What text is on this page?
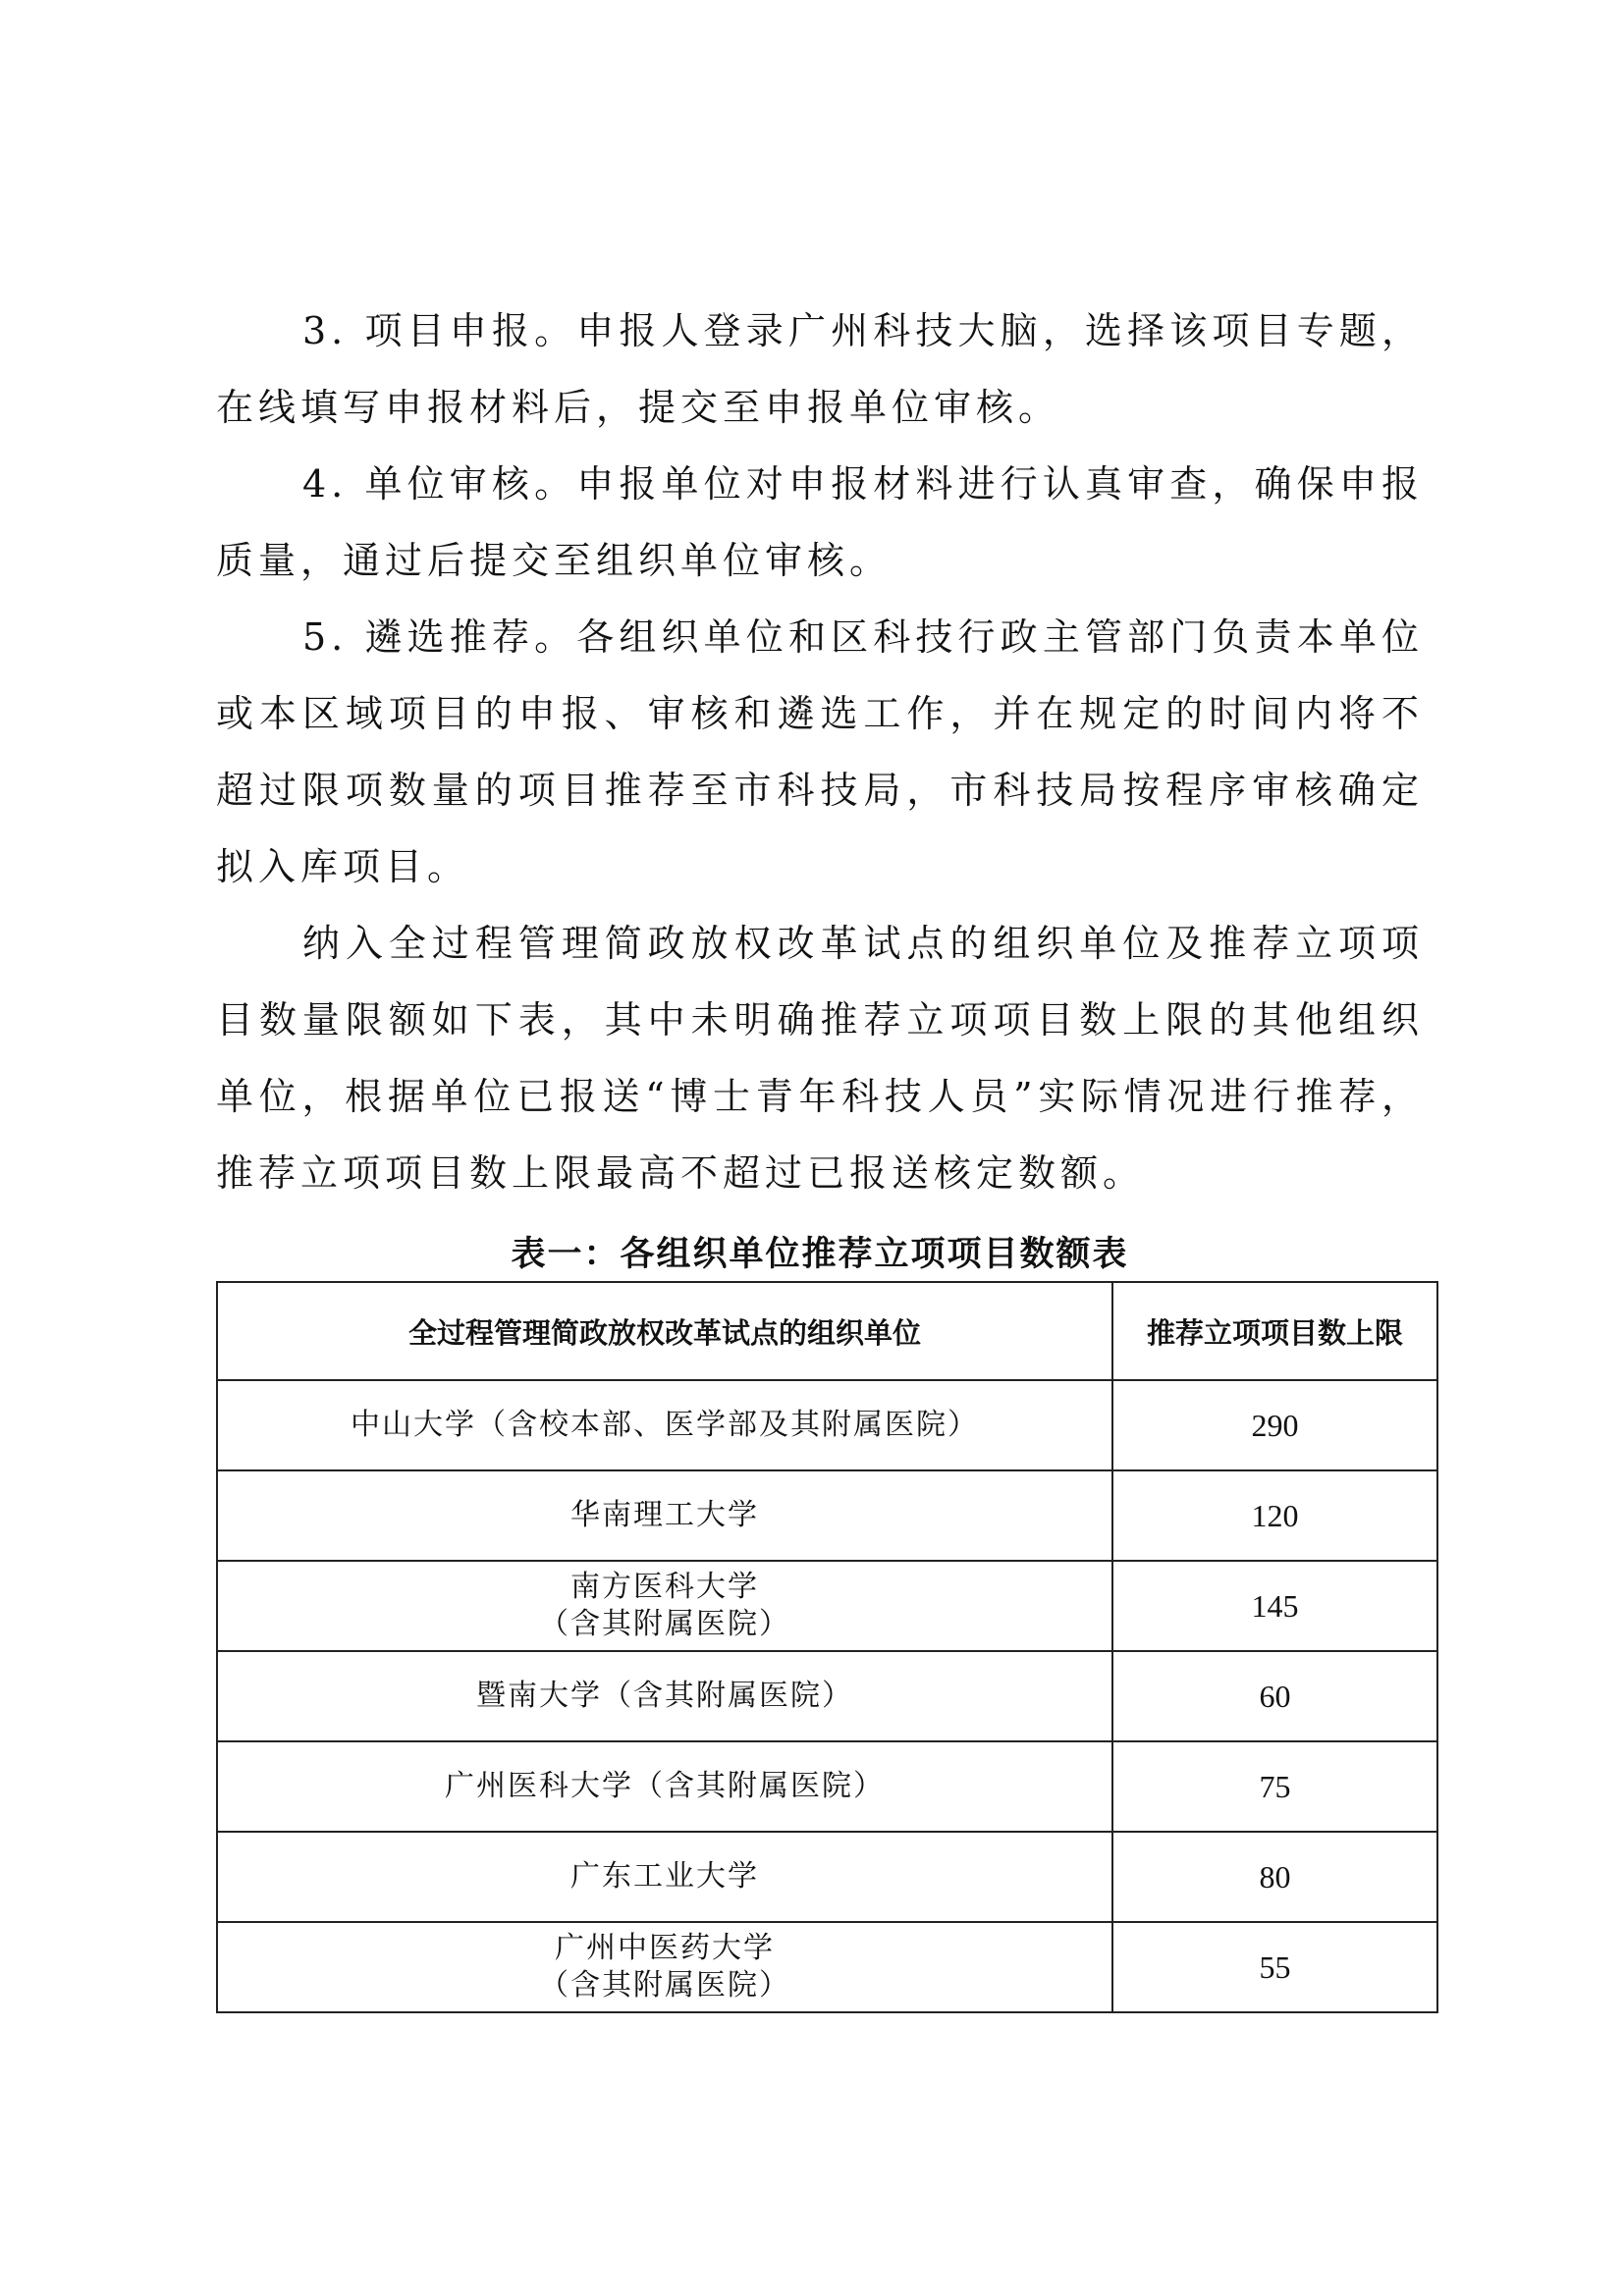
3. 项目申报。申报人登录广州科技大脑，选择该项目专题，在线填写申报材料后，提交至申报单位审核。

4. 单位审核。申报单位对申报材料进行认真审查，确保申报质量，通过后提交至组织单位审核。

5. 遴选推荐。各组织单位和区科技行政主管部门负责本单位或本区域项目的申报、审核和遴选工作，并在规定的时间内将不超过限项数量的项目推荐至市科技局，市科技局按程序审核确定拟入库项目。

纳入全过程管理简政放权改革试点的组织单位及推荐立项项目数量限额如下表，其中未明确推荐立项项目数上限的其他组织单位，根据单位已报送“博士青年科技人员”实际情况进行推荐，推荐立项项目数上限最高不超过已报送核定数额。

表一：各组织单位推荐立项项目数额表
全过程管理简政放权改革试点的组织单位	推荐立项项目数上限
中山大学（含校本部、医学部及其附属医院）	290
华南理工大学	120
南方医科大学
（含其附属医院）	145
暨南大学（含其附属医院）	60
广州医科大学（含其附属医院）	75
广东工业大学	80
广州中医药大学
（含其附属医院）	55
